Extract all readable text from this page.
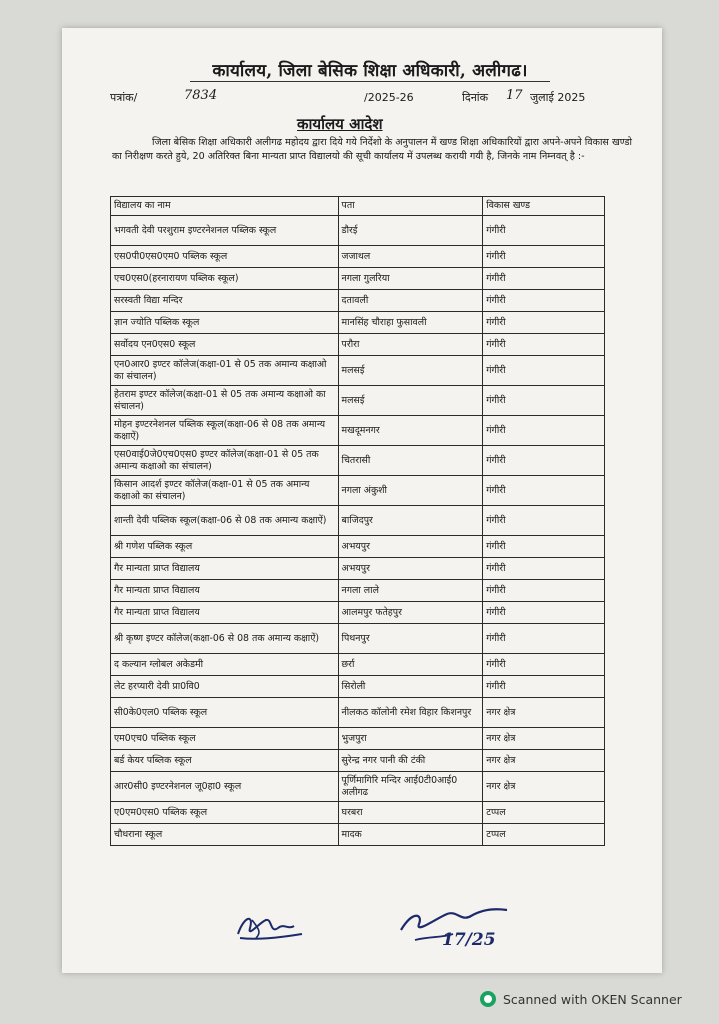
कार्यालय, जिला बेसिक शिक्षा अधिकारी, अलीगढ।
पत्रांक/	7834	/2025-26	दिनांक 17 जुलाई 2025
कार्यालय आदेश
जिला बेसिक शिक्षा अधिकारी अलीगढ महोदय द्वारा दिये गये निर्देशो के अनुपालन में खण्ड शिक्षा अधिकारियों द्वारा अपने-अपने विकास खण्डो का निरीक्षण करते हुये, 20 अतिरिक्त बिना मान्यता प्राप्त विद्यालयो की सूची कार्यालय में उपलब्ध करायी गयी है, जिनके नाम निम्नवत् है :-
विद्यालय का नाम	पता	विकास खण्ड
भगवती देवी परशुराम इण्टरनेशनल पब्लिक स्कूल	डौरई	गंगीरी
एस0पी0एस0एम0 पब्लिक स्कूल	जजाथल	गंगीरी
एच0एस0(हरनारायण पब्लिक स्कूल)	नगला गुलरिया	गंगीरी
सरस्वती विद्या मन्दिर	दतावली	गंगीरी
ज्ञान ज्योति पब्लिक स्कूल	मानसिंह चौराहा फुसावली	गंगीरी
सर्वोदय एन0एस0 स्कूल	परौरा	गंगीरी
एन0आर0 इण्टर कॉलेज(कक्षा-01 से 05 तक अमान्य कक्षाओ का संचालन)	मलसई	गंगीरी
हेतराम इण्टर कॉलेज(कक्षा-01 से 05 तक अमान्य कक्षाओ का संचालन)	मलसई	गंगीरी
मोहन इण्टरनेशनल पब्लिक स्कूल(कक्षा-06 से 08 तक अमान्य कक्षाऐं)	मखदूमनगर	गंगीरी
एस0वाई0जे0एच0एस0 इण्टर कॉलेज(कक्षा-01 से 05 तक अमान्य कक्षाओ का संचालन)	चितरासी	गंगीरी
किसान आदर्श इण्टर कॉलेज(कक्षा-01 से 05 तक अमान्य कक्षाओ का संचालन)	नगला अंकुशी	गंगीरी
शान्ती देवी पब्लिक स्कूल(कक्षा-06 से 08 तक अमान्य कक्षाऐं)	बाजिदपुर	गंगीरी
श्री गणेश पब्लिक स्कूल	अभयपुर	गंगीरी
गैर मान्यता प्राप्त विद्यालय	अभयपुर	गंगीरी
गैर मान्यता प्राप्त विद्यालय	नगला लाले	गंगीरी
गैर मान्यता प्राप्त विद्यालय	आलमपुर फतेहपुर	गंगीरी
श्री कृष्ण इण्टर कॉलेज(कक्षा-06 से 08 तक अमान्य कक्षाऐं)	पिथनपुर	गंगीरी
द कल्यान ग्लोबल अकेडमी	छर्रा	गंगीरी
लेट हरप्यारी देवी प्रा0वि0	सिरोली	गंगीरी
सी0के0एल0 पब्लिक स्कूल	नीलकठ कॉलोनी रमेश विहार किशनपुर	नगर क्षेत्र
एम0एच0 पब्लिक स्कूल	भुजपुरा	नगर क्षेत्र
बर्ड केयर पब्लिक स्कूल	सुरेन्द्र नगर पानी की टंकी	नगर क्षेत्र
आर0सी0 इण्टरनेशनल जू0हा0 स्कूल	पूर्णिमागिरि मन्दिर आई0टी0आई0 अलीगढ	नगर क्षेत्र
ए0एम0एस0 पब्लिक स्कूल	घरबरा	टप्पल
चौधराना स्कूल	मादक	टप्पल
17/25
Scanned with OKEN Scanner
